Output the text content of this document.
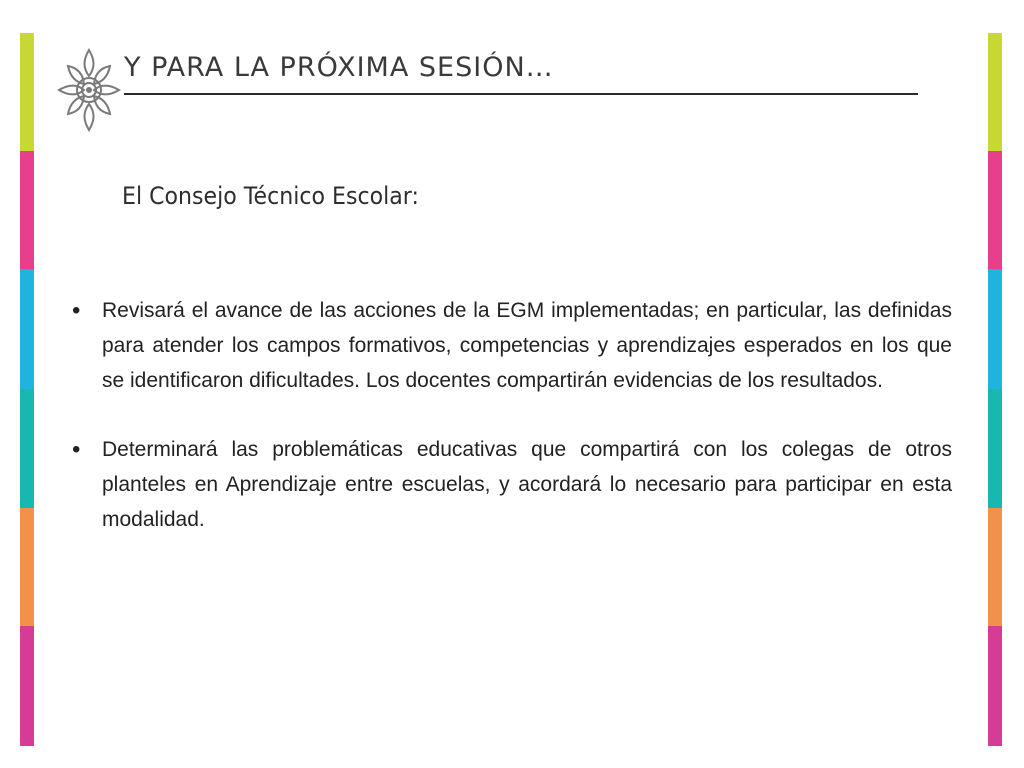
Y PARA LA PRÓXIMA SESIÓN…
El Consejo Técnico Escolar:
• Revisará el avance de las acciones de la EGM implementadas; en particular, las definidas para atender los campos formativos, competencias y aprendizajes esperados en los que se identificaron dificultades. Los docentes compartirán evidencias de los resultados.
• Determinará las problemáticas educativas que compartirá con los colegas de otros planteles en Aprendizaje entre escuelas, y acordará lo necesario para participar en esta modalidad.
